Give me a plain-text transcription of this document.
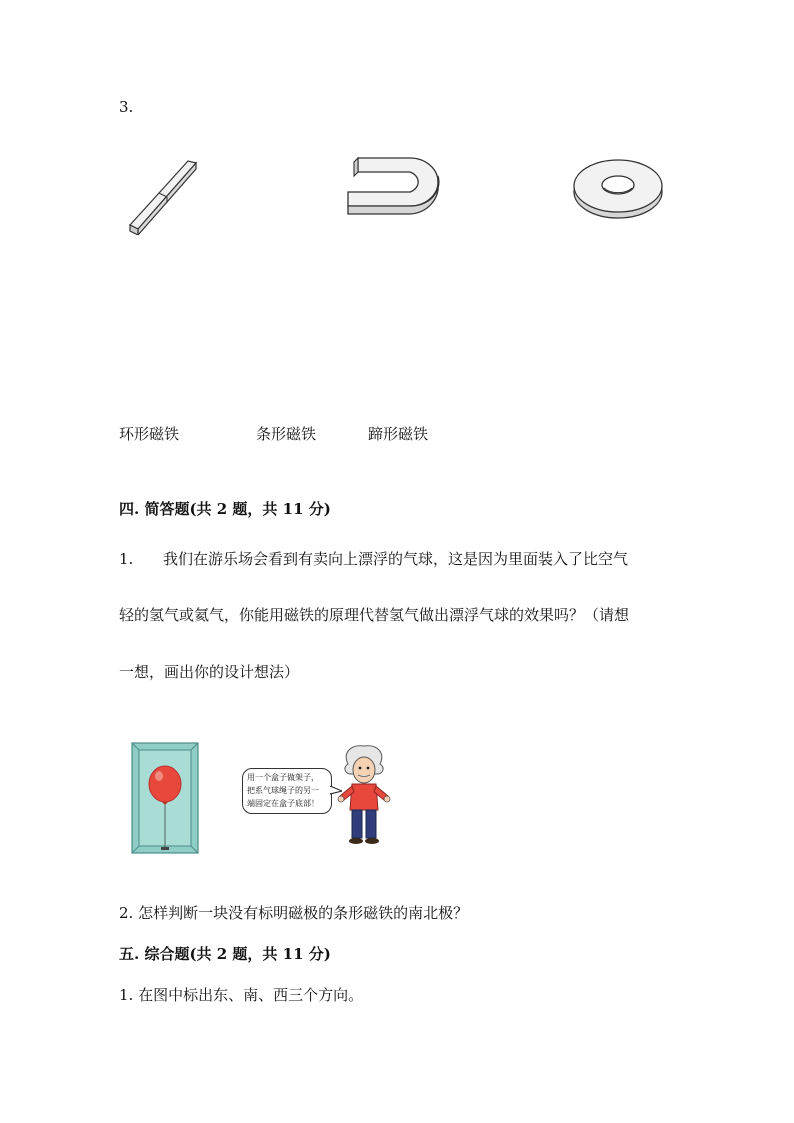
3.
环形磁铁	条形磁铁	蹄形磁铁
四. 简答题(共 2 题，共 11 分)
1. 我们在游乐场会看到有卖向上漂浮的气球，这是因为里面装入了比空气
轻的氢气或氦气，你能用磁铁的原理代替氢气做出漂浮气球的效果吗？（请想
一想，画出你的设计想法）
用一个盒子做架子，
把系气球绳子的另一
端固定在盒子底部！
2. 怎样判断一块没有标明磁极的条形磁铁的南北极？
五. 综合题(共 2 题，共 11 分)
1. 在图中标出东、南、西三个方向。
